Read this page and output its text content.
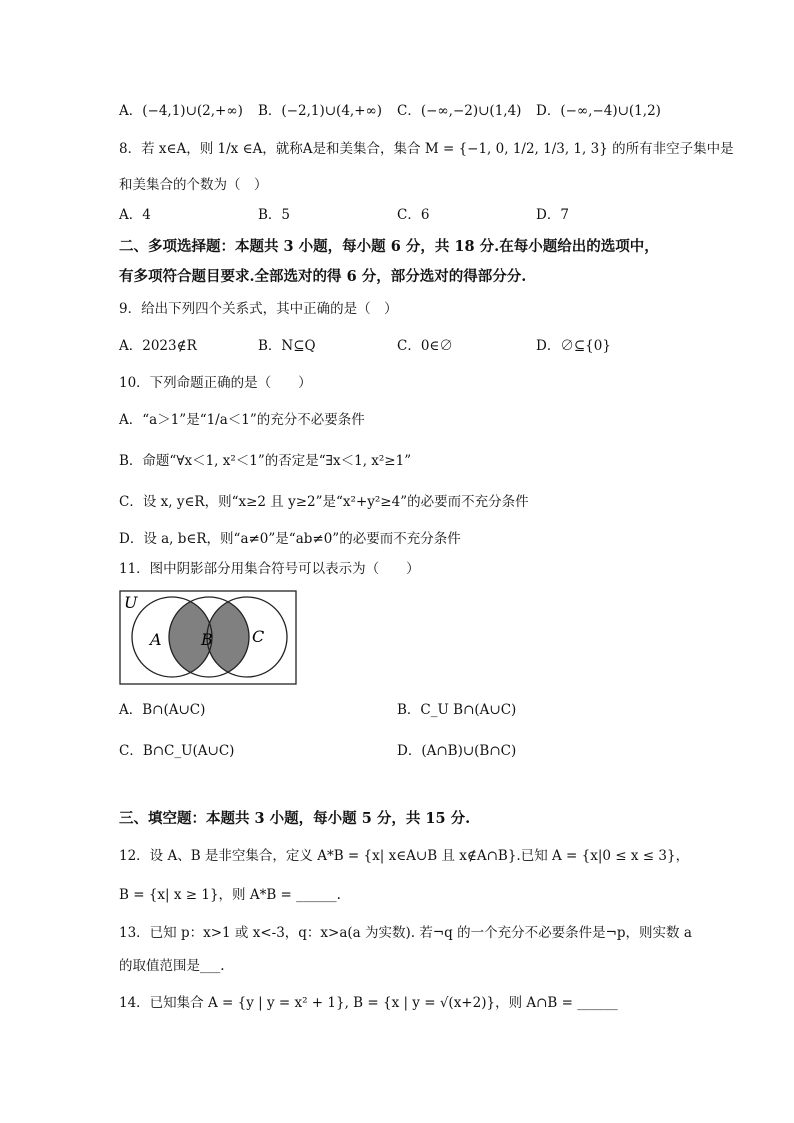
A．(−4,1)∪(2,+∞) B．(−2,1)∪(4,+∞) C．(−∞,−2)∪(1,4) D．(−∞,−4)∪(1,2)
8．若 x∈A，则 1/x ∈A，就称A是和美集合，集合 M = {−1, 0, 1/2, 1/3, 1, 3} 的所有非空子集中是
和美集合的个数为（　）
A．4	B．5	C．6	D．7
二、多项选择题：本题共 3 小题，每小题 6 分，共 18 分.在每小题给出的选项中，
有多项符合题目要求.全部选对的得 6 分，部分选对的得部分分.
9．给出下列四个关系式，其中正确的是（　）
A．2023∉R	B．N⊆Q	C．0∈∅	D．∅⊆{0}
10．下列命题正确的是（　　）
A．“a＞1”是“1/a＜1”的充分不必要条件
B．命题“∀x＜1, x²＜1”的否定是“∃x＜1, x²≥1”
C．设 x, y∈R，则“x≥2 且 y≥2”是“x²+y²≥4”的必要而不充分条件
D．设 a, b∈R，则“a≠0”是“ab≠0”的必要而不充分条件
11．图中阴影部分用集合符号可以表示为（　　）
U
A B C
A．B∩(A∪C)	B．C_U B∩(A∪C)
C．B∩C_U(A∪C)	D．(A∩B)∪(B∩C)
三、填空题：本题共 3 小题，每小题 5 分，共 15 分.
12．设 A、B 是非空集合，定义 A*B = {x| x∈A∪B 且 x∉A∩B}.已知 A = {x|0 ≤ x ≤ 3}，
B = {x| x ≥ 1}，则 A*B = ______.
13．已知 p：x>1 或 x<-3，q：x>a(a 为实数). 若¬q 的一个充分不必要条件是¬p，则实数 a
的取值范围是___.
14．已知集合 A = {y | y = x² + 1}, B = {x | y = √(x+2)}，则 A∩B = ______
